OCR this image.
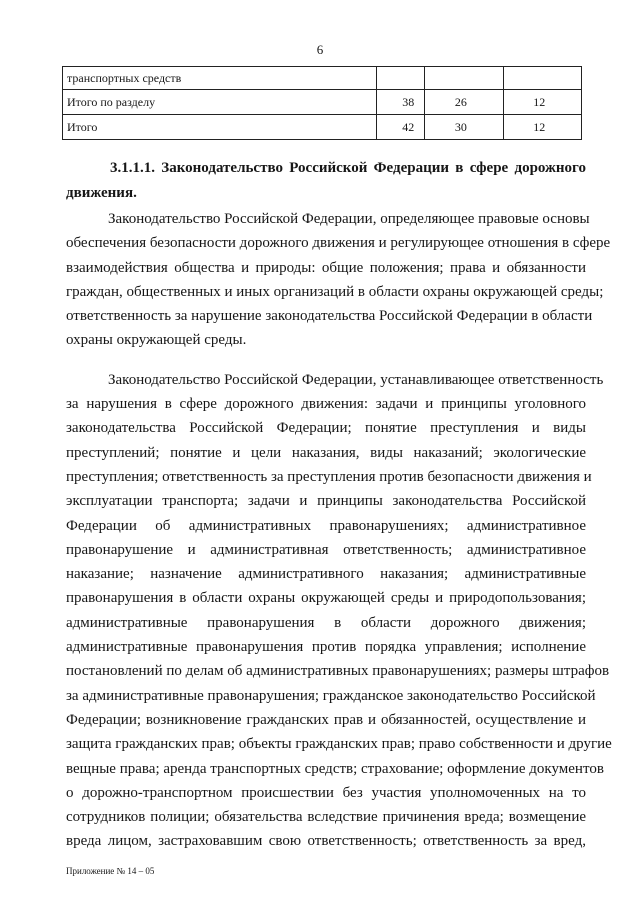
6
транспортных средств			
Итого по разделу	38	26	12
Итого	42	30	12
3.1.1.1. Законодательство Российской Федерации в сфере дорожного
движения.
Законодательство Российской Федерации, определяющее правовые основы
обеспечения безопасности дорожного движения и регулирующее отношения в сфере
взаимодействия общества и природы: общие положения; права и обязанности
граждан, общественных и иных организаций в области охраны окружающей среды;
ответственность за нарушение законодательства Российской Федерации в области
охраны окружающей среды.
Законодательство Российской Федерации, устанавливающее ответственность
за нарушения в сфере дорожного движения: задачи и принципы уголовного
законодательства Российской Федерации; понятие преступления и виды
преступлений; понятие и цели наказания, виды наказаний; экологические
преступления; ответственность за преступления против безопасности движения и
эксплуатации транспорта; задачи и принципы законодательства Российской
Федерации об административных правонарушениях; административное
правонарушение и административная ответственность; административное
наказание; назначение административного наказания; административные
правонарушения в области охраны окружающей среды и природопользования;
административные правонарушения в области дорожного движения;
административные правонарушения против порядка управления; исполнение
постановлений по делам об административных правонарушениях; размеры штрафов
за административные правонарушения; гражданское законодательство Российской
Федерации; возникновение гражданских прав и обязанностей, осуществление и
защита гражданских прав; объекты гражданских прав; право собственности и другие
вещные права; аренда транспортных средств; страхование; оформление документов
о дорожно-транспортном происшествии без участия уполномоченных на то
сотрудников полиции; обязательства вследствие причинения вреда; возмещение
вреда лицом, застраховавшим свою ответственность; ответственность за вред,
Приложение № 14 – 05
